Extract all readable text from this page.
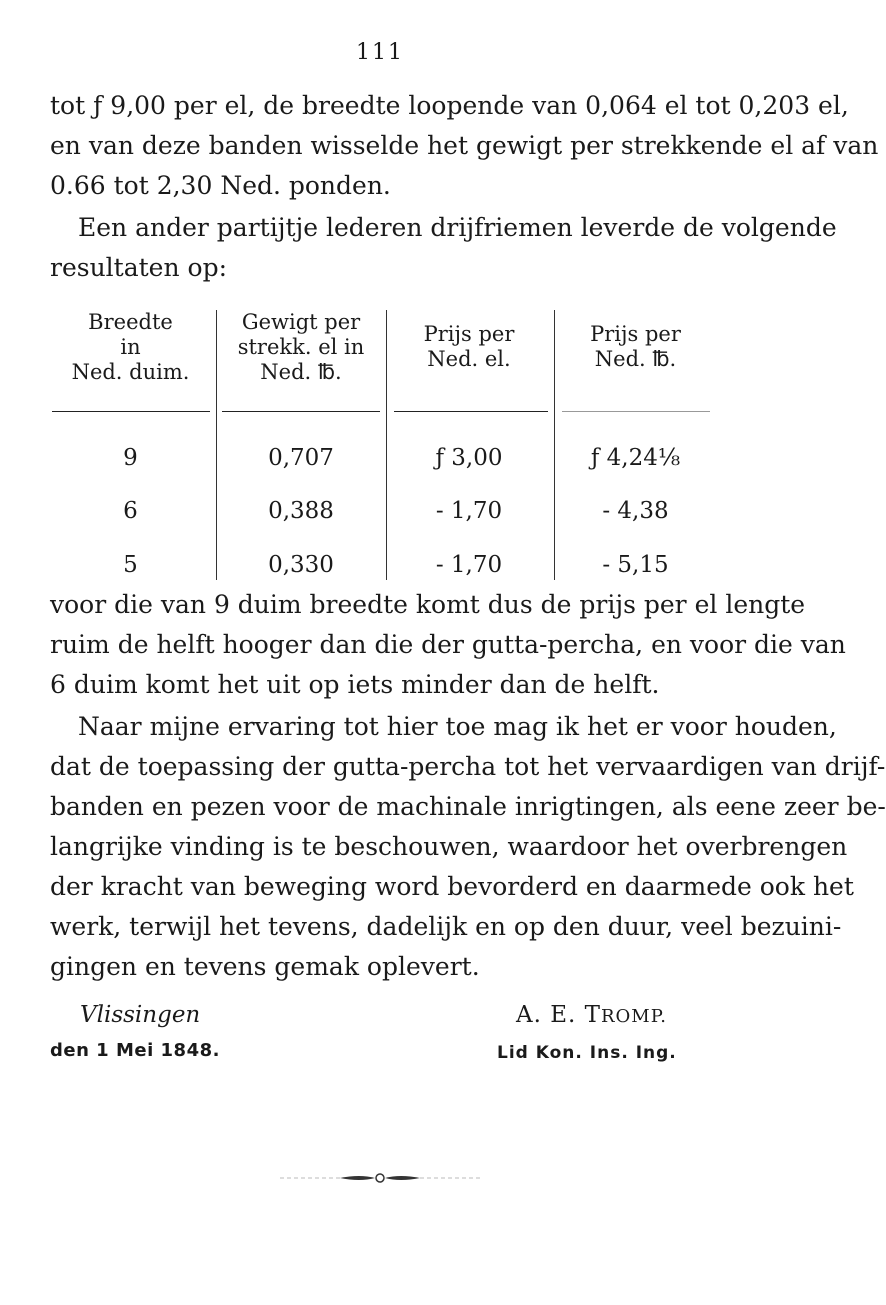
111
tot ƒ 9,00 per el, de breedte loopende van 0,064 el tot 0,203 el,
en van deze banden wisselde het gewigt per strekkende el af van
0.66 tot 2,30 Ned. ponden.
Een ander partijtje lederen drijfriemen leverde de volgende
resultaten op:
Breedte
in
Ned. duim.
9
6
5
Gewigt per
strekk. el in
Ned. ℔.
0,707
0,388
0,330
Prijs per
Ned. el.
ƒ 3,00
- 1,70
- 1,70
Prijs per
Ned. ℔.
ƒ 4,24⅛
- 4,38
- 5,15
voor die van 9 duim breedte komt dus de prijs per el lengte
ruim de helft hooger dan die der gutta-percha, en voor die van
6 duim komt het uit op iets minder dan de helft.
Naar mijne ervaring tot hier toe mag ik het er voor houden,
dat de toepassing der gutta-percha tot het vervaardigen van drijf-
banden en pezen voor de machinale inrigtingen, als eene zeer be-
langrijke vinding is te beschouwen, waardoor het overbrengen
der kracht van beweging word bevorderd en daarmede ook het
werk, terwijl het tevens, dadelijk en op den duur, veel bezuini-
gingen en tevens gemak oplevert.
Vlissingen
den 1 Mei 1848.
A. E. TROMP.
Lid Kon. Ins. Ing.
